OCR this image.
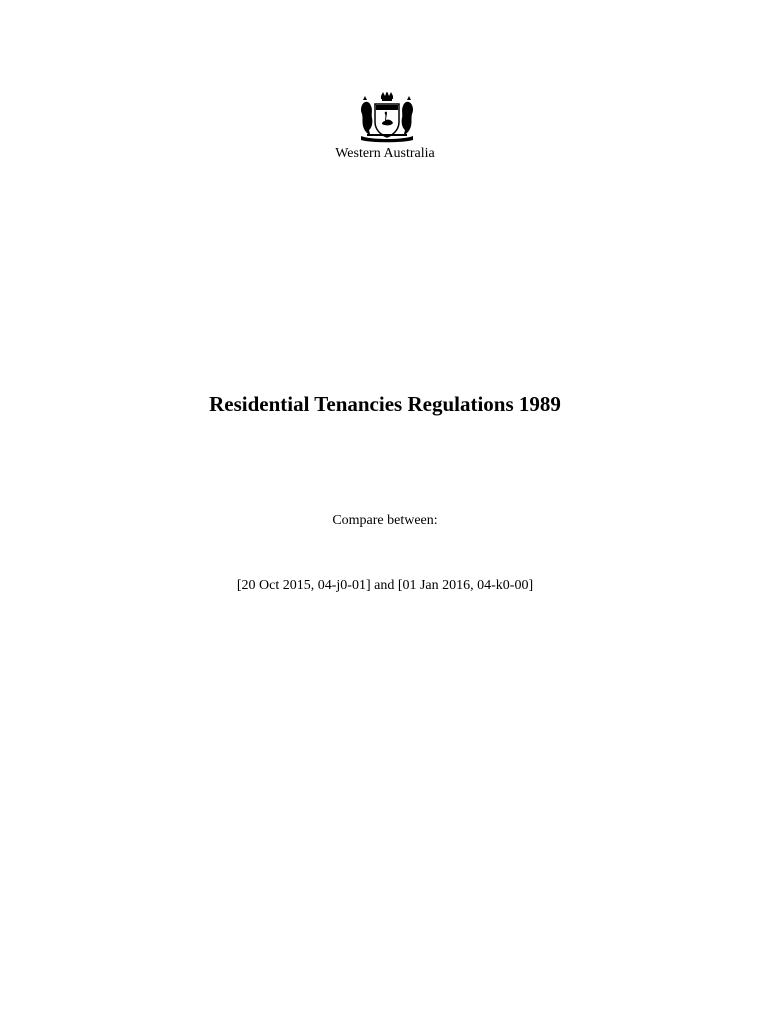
Western Australia
Residential Tenancies Regulations 1989
Compare between:
[20 Oct 2015, 04-j0-01] and [01 Jan 2016, 04-k0-00]
